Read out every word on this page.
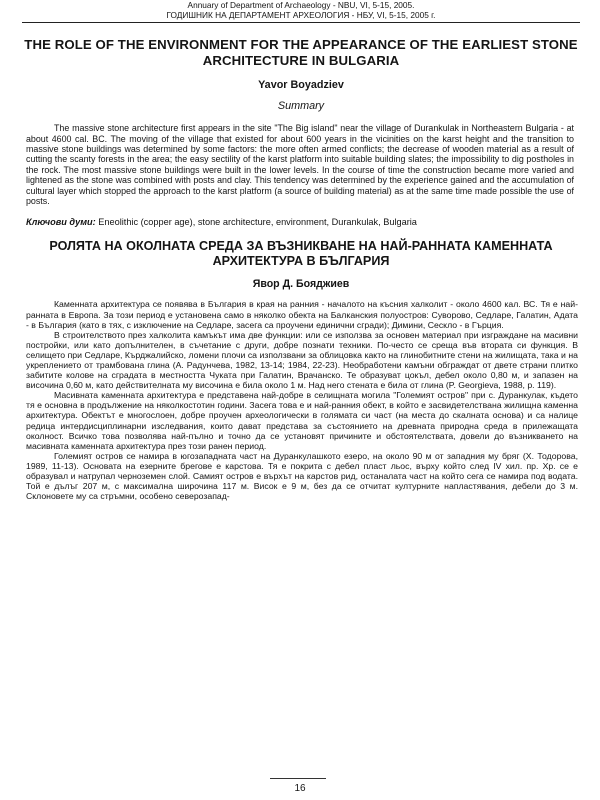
Annuary of Department of Archaeology - NBU, VI, 5-15, 2005.
ГОДИШНИК НА ДЕПАРТАМЕНТ АРХЕОЛОГИЯ - НБУ, VI, 5-15, 2005 г.
THE ROLE OF THE ENVIRONMENT FOR THE APPEARANCE OF THE EARLIEST STONE ARCHITECTURE IN BULGARIA
Yavor Boyadziev
Summary

The massive stone architecture first appears in the site "The Big island" near the village of Durankulak in Northeastern Bulgaria - at about 4600 cal. BC. The moving of the village that existed for about 600 years in the vicinities on the karst height and the transition to massive stone buildings was determined by some factors: the more often armed conflicts; the decrease of wooden material as a result of cutting the scanty forests in the area; the easy sectility of the karst platform into suitable building slates; the impossibility to dig postholes in the rock. The most massive stone buildings were built in the lower levels. In the course of time the construction became more varied and lightened as the stone was combined with posts and clay. This tendency was determined by the experience gained and the accumulation of cultural layer which stopped the approach to the karst platform (a source of building material) as at the same time made possible the use of posts.

Ключови думи: Eneolithic (copper age), stone architecture, environment, Durankulak, Bulgaria
РОЛЯТА НА ОКОЛНАТА СРЕДА ЗА ВЪЗНИКВАНЕ НА НАЙ-РАННАТА КАМЕННАТА АРХИТЕКТУРА В БЪЛГАРИЯ
Явор Д. Бояджиев

Каменната архитектура се появява в България в края на ранния - началото на късния халколит - около 4600 кал. ВС. Тя е най-ранната в Европа. За този период е установена само в няколко обекта на Балканския полуостров: Суворово, Седларе, Галатин, Адата - в България (като в тях, с изключение на Седларе, засега са проучени единични сгради); Димини, Сескло - в Гърция.

В строителството през халколита камъкът има две функции: или се използва за основен материал при изграждане на масивни постройки, или като допълнителен, в съчетание с други, добре познати техники. По-често се среща във втората си функция. В селището при Седларе, Кърджалийско, ломени плочи са използвани за облицовка както на глинобитните стени на жилищата, така и на укреплението от трамбована глина (А. Радунчева, 1982, 13-14; 1984, 22-23). Необработени камъни обграждат от двете страни плитко забитите колове на сградата в местността Чуката при Галатин, Врачанско. Те образуват цокъл, дебел около 0,80 м, и запазен на височина 0,60 м, като действителната му височина е била около 1 м. Над него стената е била от глина (P. Georgieva, 1988, p. 119).

Масивната каменната архитектура е представена най-добре в селищната могила "Големият остров" при с. Дуранкулак, където тя е основна в продължение на няколкостотин години. Засега това е и най-ранния обект, в който е засвидетелствана жилищна каменна архитектура. Обектът е многослоен, добре проучен археологически в голямата си част (на места до скалната основа) и са налице редица интердисциплинарни изследвания, които дават представа за състоянието на древната природна среда в прилежащата околност. Всичко това позволява най-пълно и точно да се установят причините и обстоятелствата, довели до възникването на масивната каменната архитектура през този ранен период.

Големият остров се намира в югозападната част на Дуранкулашкото езеро, на около 90 м от западния му бряг (Х. Тодорова, 1989, 11-13). Основата на езерните брегове е карстова. Тя е покрита с дебел пласт льос, върху който след IV хил. пр. Хр. се е образувал и натрупал черноземен слой. Самият остров е върхът на карстов рид, останалата част на който сега се намира под водата. Той е дълъг 207 м, с максимална широчина 117 м. Висок е 9 м, без да се отчитат културните напластявания, дебели до 3 м. Склоновете му са стръмни, особено северозапад-

16
